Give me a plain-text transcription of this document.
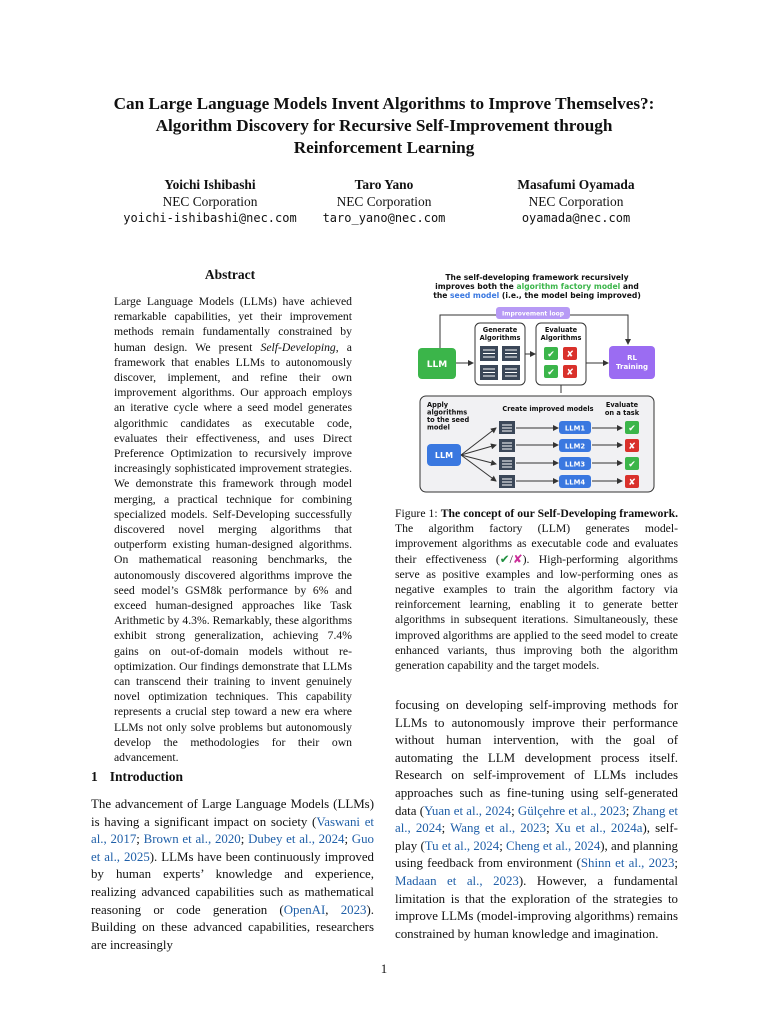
Can Large Language Models Invent Algorithms to Improve Themselves?:
Algorithm Discovery for Recursive Self-Improvement through
Reinforcement Learning
Yoichi Ishibashi
NEC Corporation
yoichi-ishibashi@nec.com
Taro Yano
NEC Corporation
taro_yano@nec.com
Masafumi Oyamada
NEC Corporation
oyamada@nec.com
Abstract
Large Language Models (LLMs) have achieved remarkable capabilities, yet their improvement methods remain fundamentally constrained by human design. We present Self-Developing, a framework that enables LLMs to autonomously discover, implement, and refine their own improvement algorithms. Our approach employs an iterative cycle where a seed model generates algorithmic candidates as executable code, evaluates their effectiveness, and uses Direct Preference Optimization to recursively improve increasingly sophisticated improvement strategies. We demonstrate this framework through model merging, a practical technique for combining specialized models. Self-Developing successfully discovered novel merging algorithms that outperform existing human-designed algorithms. On mathematical reasoning benchmarks, the autonomously discovered algorithms improve the seed model’s GSM8k performance by 6% and exceed human-designed approaches like Task Arithmetic by 4.3%. Remarkably, these algorithms exhibit strong generalization, achieving 7.4% gains on out-of-domain models without re-optimization. Our findings demonstrate that LLMs can transcend their training to invent genuinely novel optimization techniques. This capability represents a crucial step toward a new era where LLMs not only solve problems but autonomously develop the methodologies for their own advancement.
1 Introduction
The advancement of Large Language Models (LLMs) is having a significant impact on society (Vaswani et al., 2017; Brown et al., 2020; Dubey et al., 2024; Guo et al., 2025). LLMs have been continuously improved by human experts’ knowledge and experience, realizing advanced capabilities such as mathematical reasoning or code generation (OpenAI, 2023). Building on these advanced capabilities, researchers are increasingly
The self-developing framework recursively
improves both the algorithm factory model and
the seed model (i.e., the model being improved)
Improvement loop
LLM
Generate
Algorithms
Evaluate
Algorithms
✔ ✘
✔ ✘
RL
Training
Apply
algorithms
to the seed
model
Create improved models Evaluate
on a task
LLM
LLM1	✔
LLM2	✘
LLM3	✔
LLM4	✘
Figure 1: The concept of our Self-Developing framework. The algorithm factory (LLM) generates model-improvement algorithms as executable code and evaluates their effectiveness (✔/✘). High-performing algorithms serve as positive examples and low-performing ones as negative examples to train the algorithm factory via reinforcement learning, enabling it to generate better algorithms in subsequent iterations. Simultaneously, these improved algorithms are applied to the seed model to create enhanced variants, thus improving both the algorithm generation capability and the target models.
focusing on developing self-improving methods for LLMs to autonomously improve their performance without human intervention, with the goal of automating the LLM development process itself. Research on self-improvement of LLMs includes approaches such as fine-tuning using self-generated data (Yuan et al., 2024; Gülçehre et al., 2023; Zhang et al., 2024; Wang et al., 2023; Xu et al., 2024a), self-play (Tu et al., 2024; Cheng et al., 2024), and planning using feedback from environment (Shinn et al., 2023; Madaan et al., 2023). However, a fundamental limitation is that the exploration of the strategies to improve LLMs (model-improving algorithms) remains constrained by human knowledge and imagination.
1
